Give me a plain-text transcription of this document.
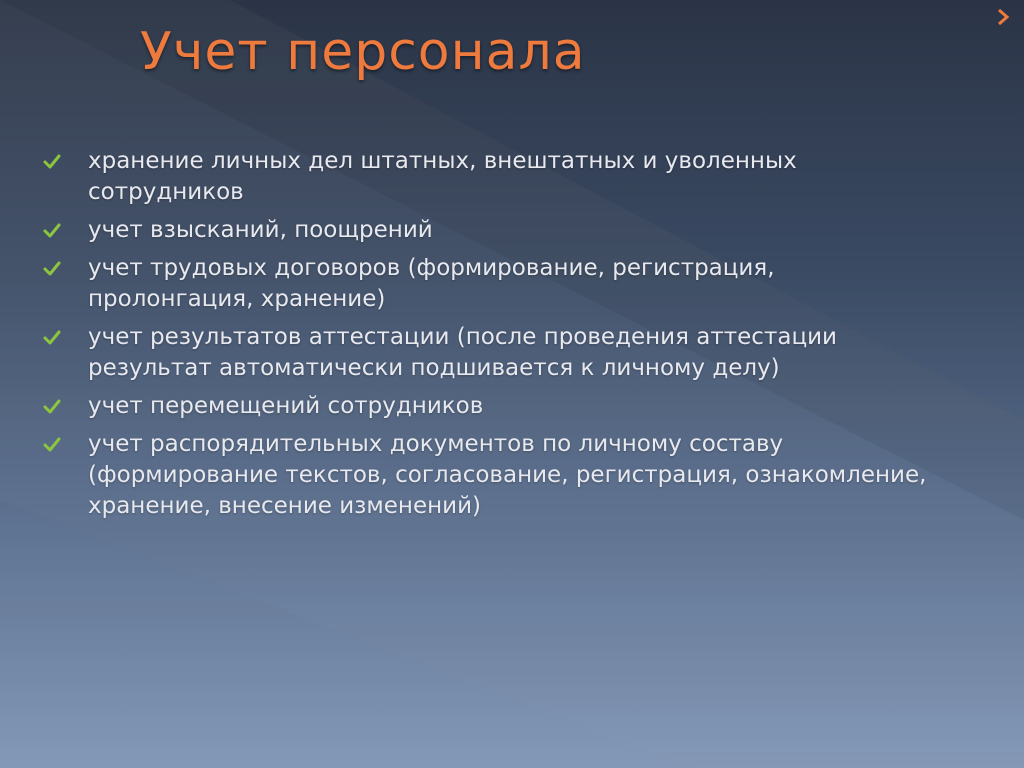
Учет персонала
хранение личных дел штатных, внештатных и уволенных сотрудников
учет взысканий, поощрений
учет трудовых договоров (формирование, регистрация, пролонгация, хранение)
учет результатов аттестации (после проведения аттестации результат автоматически подшивается к личному делу)
учет перемещений сотрудников
учет распорядительных документов по личному составу (формирование текстов, согласование, регистрация, ознакомление, хранение, внесение изменений)
